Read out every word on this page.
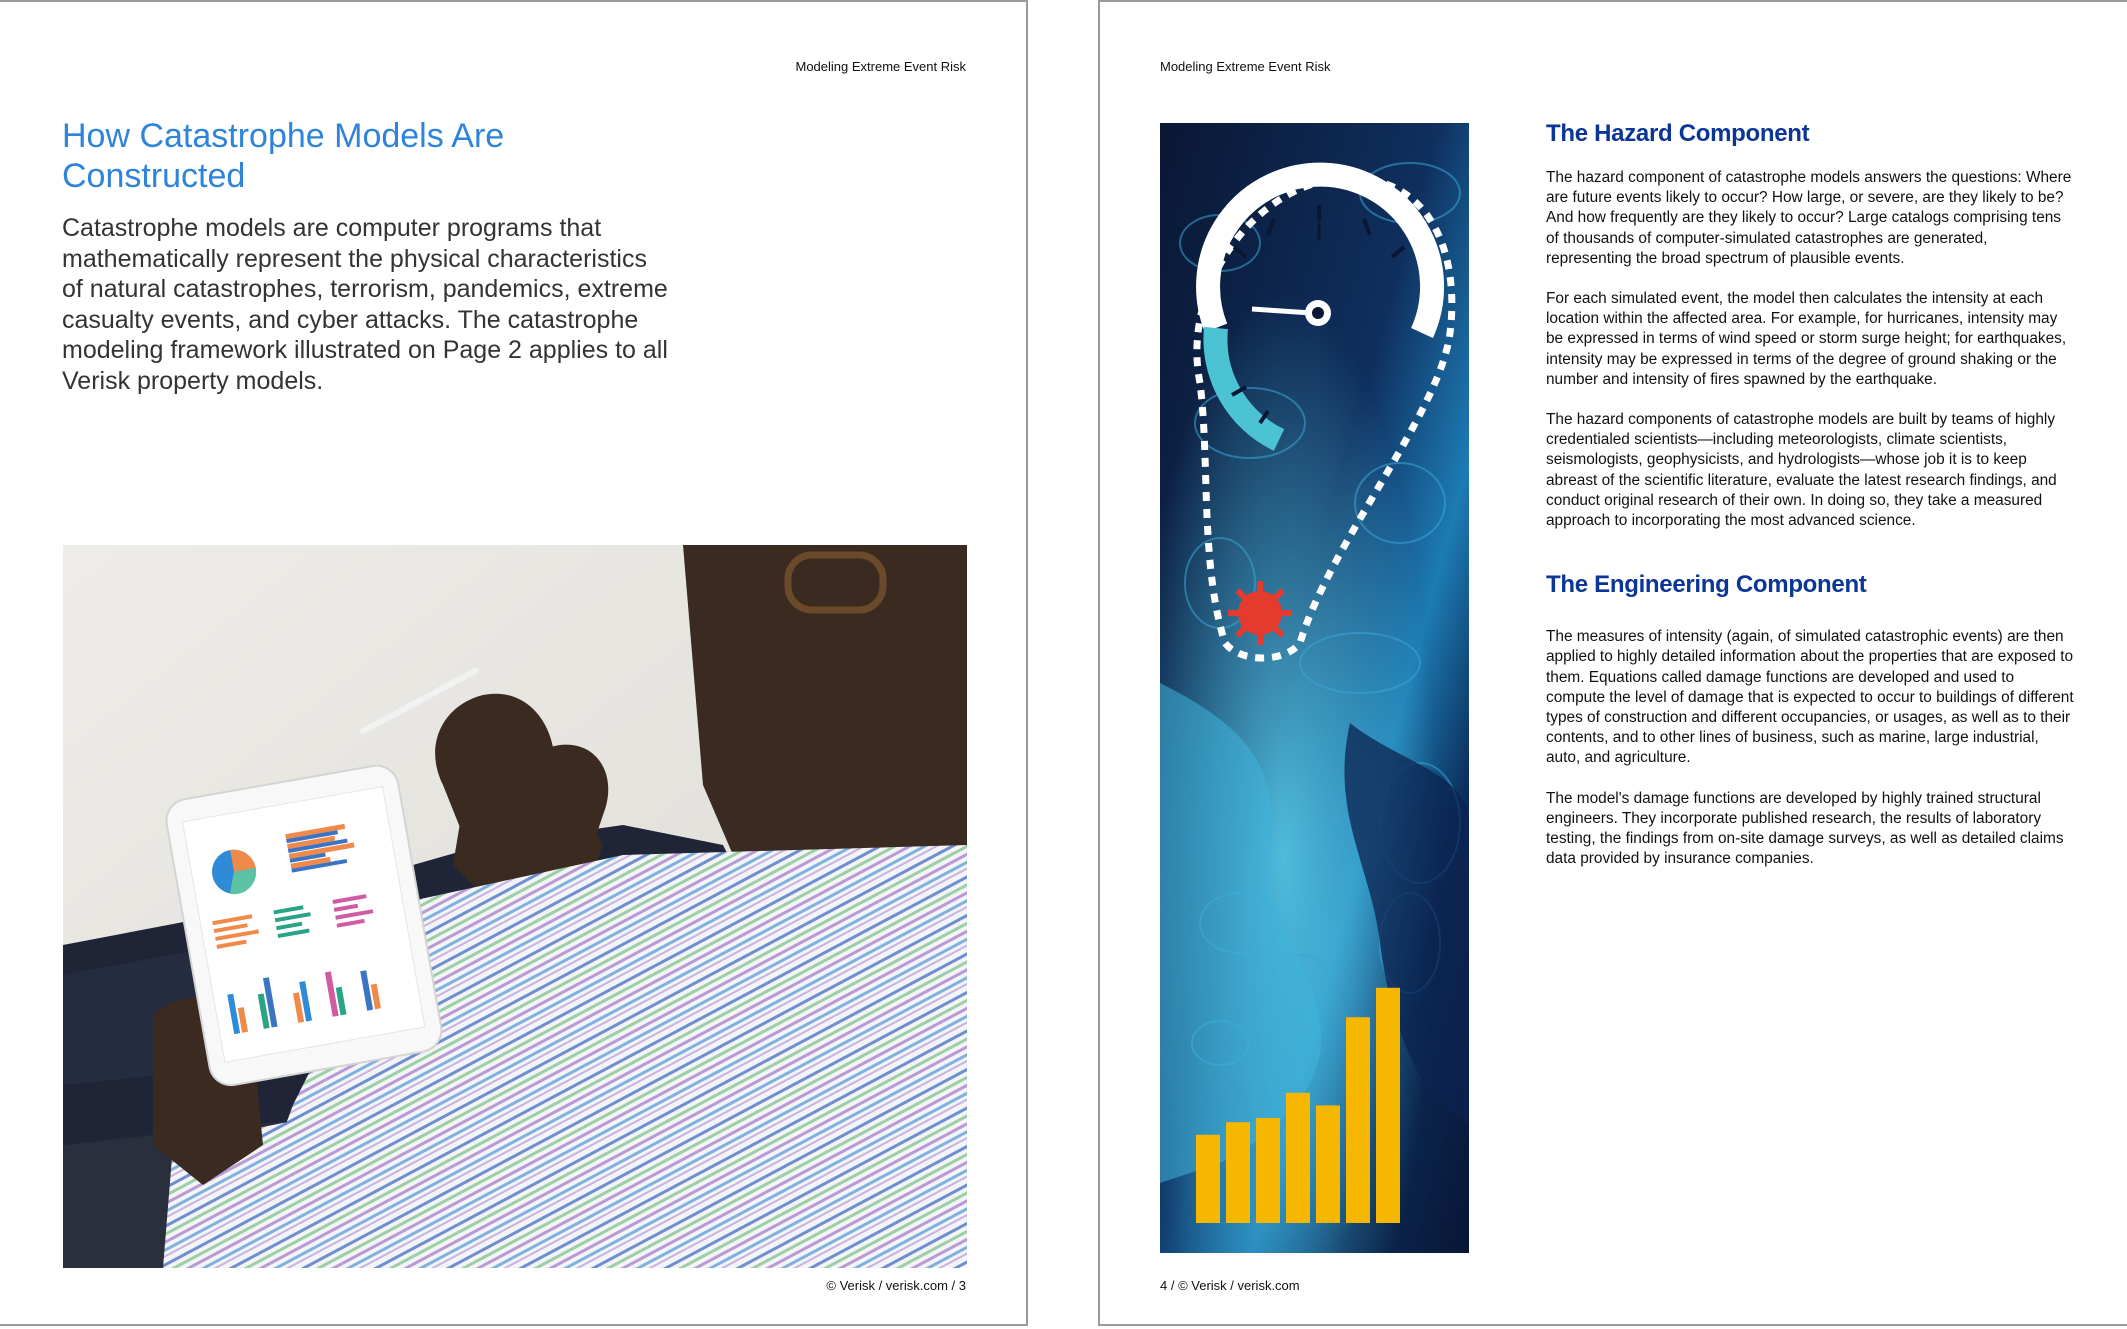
Modeling Extreme Event Risk
How Catastrophe Models Are Constructed

Catastrophe models are computer programs that mathematically represent the physical characteristics of natural catastrophes, terrorism, pandemics, extreme casualty events, and cyber attacks. The catastrophe modeling framework illustrated on Page 2 applies to all Verisk property models.

© Verisk / verisk.com / 3
Modeling Extreme Event Risk
The Hazard Component

The hazard component of catastrophe models answers the questions: Where are future events likely to occur? How large, or severe, are they likely to be? And how frequently are they likely to occur? Large catalogs comprising tens of thousands of computer-simulated catastrophes are generated, representing the broad spectrum of plausible events.

For each simulated event, the model then calculates the intensity at each location within the affected area. For example, for hurricanes, intensity may be expressed in terms of wind speed or storm surge height; for earthquakes, intensity may be expressed in terms of the degree of ground shaking or the number and intensity of fires spawned by the earthquake.

The hazard components of catastrophe models are built by teams of highly credentialed scientists—including meteorologists, climate scientists, seismologists, geophysicists, and hydrologists—whose job it is to keep abreast of the scientific literature, evaluate the latest research findings, and conduct original research of their own. In doing so, they take a measured approach to incorporating the most advanced science.

The Engineering Component

The measures of intensity (again, of simulated catastrophic events) are then applied to highly detailed information about the properties that are exposed to them. Equations called damage functions are developed and used to compute the level of damage that is expected to occur to buildings of different types of construction and different occupancies, or usages, as well as to their contents, and to other lines of business, such as marine, large industrial, auto, and agriculture.

The model's damage functions are developed by highly trained structural engineers. They incorporate published research, the results of laboratory testing, the findings from on-site damage surveys, as well as detailed claims data provided by insurance companies.

4 / © Verisk / verisk.com
